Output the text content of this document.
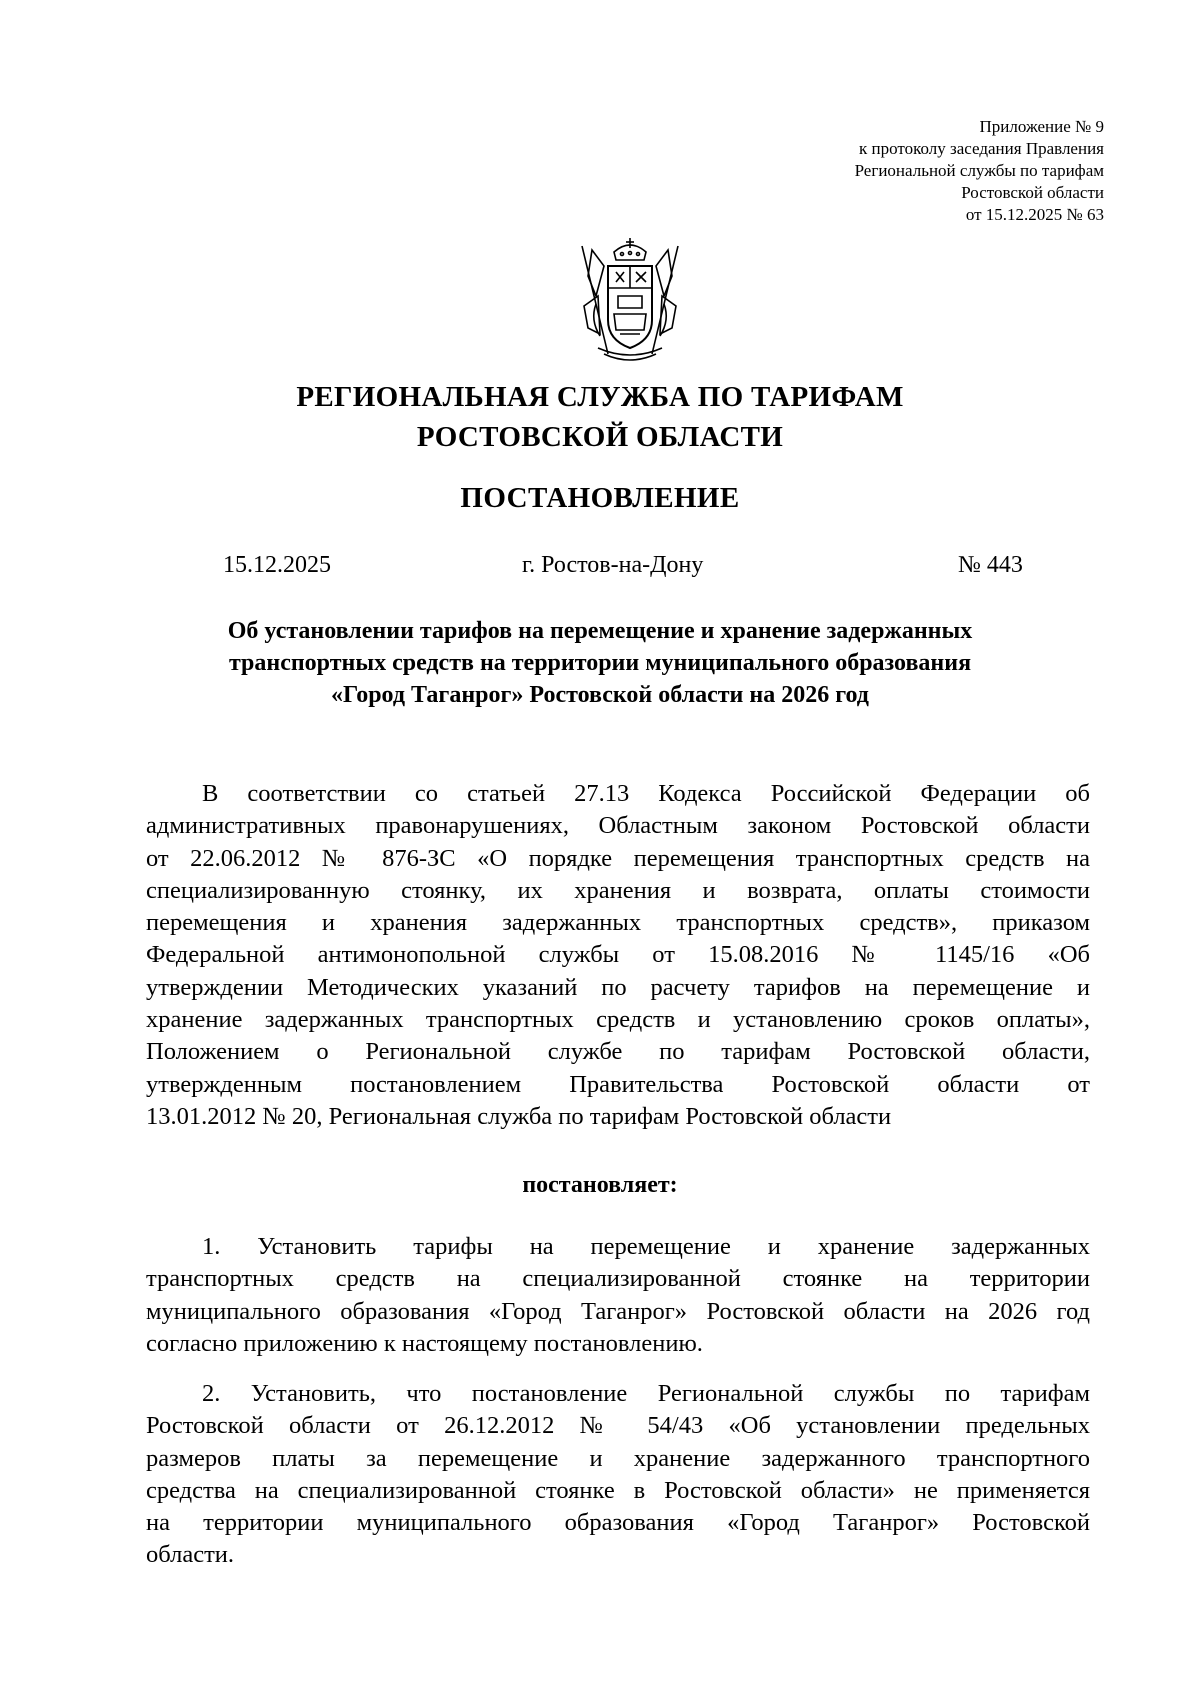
Приложение № 9
к протоколу заседания Правления
Региональной службы по тарифам
Ростовской области
от 15.12.2025 № 63
РЕГИОНАЛЬНАЯ СЛУЖБА ПО ТАРИФАМ
РОСТОВСКОЙ ОБЛАСТИ
ПОСТАНОВЛЕНИЕ
15.12.2025	г. Ростов-на-Дону	№ 443
Об установлении тарифов на перемещение и хранение задержанных
транспортных средств на территории муниципального образования
«Город Таганрог» Ростовской области на 2026 год
В соответствии со статьей 27.13 Кодекса Российской Федерации об
административных правонарушениях, Областным законом Ростовской области
от 22.06.2012 № 876-ЗС «О порядке перемещения транспортных средств на
специализированную стоянку, их хранения и возврата, оплаты стоимости
перемещения и хранения задержанных транспортных средств», приказом
Федеральной антимонопольной службы от 15.08.2016 № 1145/16 «Об
утверждении Методических указаний по расчету тарифов на перемещение и
хранение задержанных транспортных средств и установлению сроков оплаты»,
Положением о Региональной службе по тарифам Ростовской области,
утвержденным постановлением Правительства Ростовской области от
13.01.2012 № 20, Региональная служба по тарифам Ростовской области
постановляет:
1. Установить тарифы на перемещение и хранение задержанных
транспортных средств на специализированной стоянке на территории
муниципального образования «Город Таганрог» Ростовской области на 2026 год
согласно приложению к настоящему постановлению.
2. Установить, что постановление Региональной службы по тарифам
Ростовской области от 26.12.2012 № 54/43 «Об установлении предельных
размеров платы за перемещение и хранение задержанного транспортного
средства на специализированной стоянке в Ростовской области» не применяется
на территории муниципального образования «Город Таганрог» Ростовской
области.
